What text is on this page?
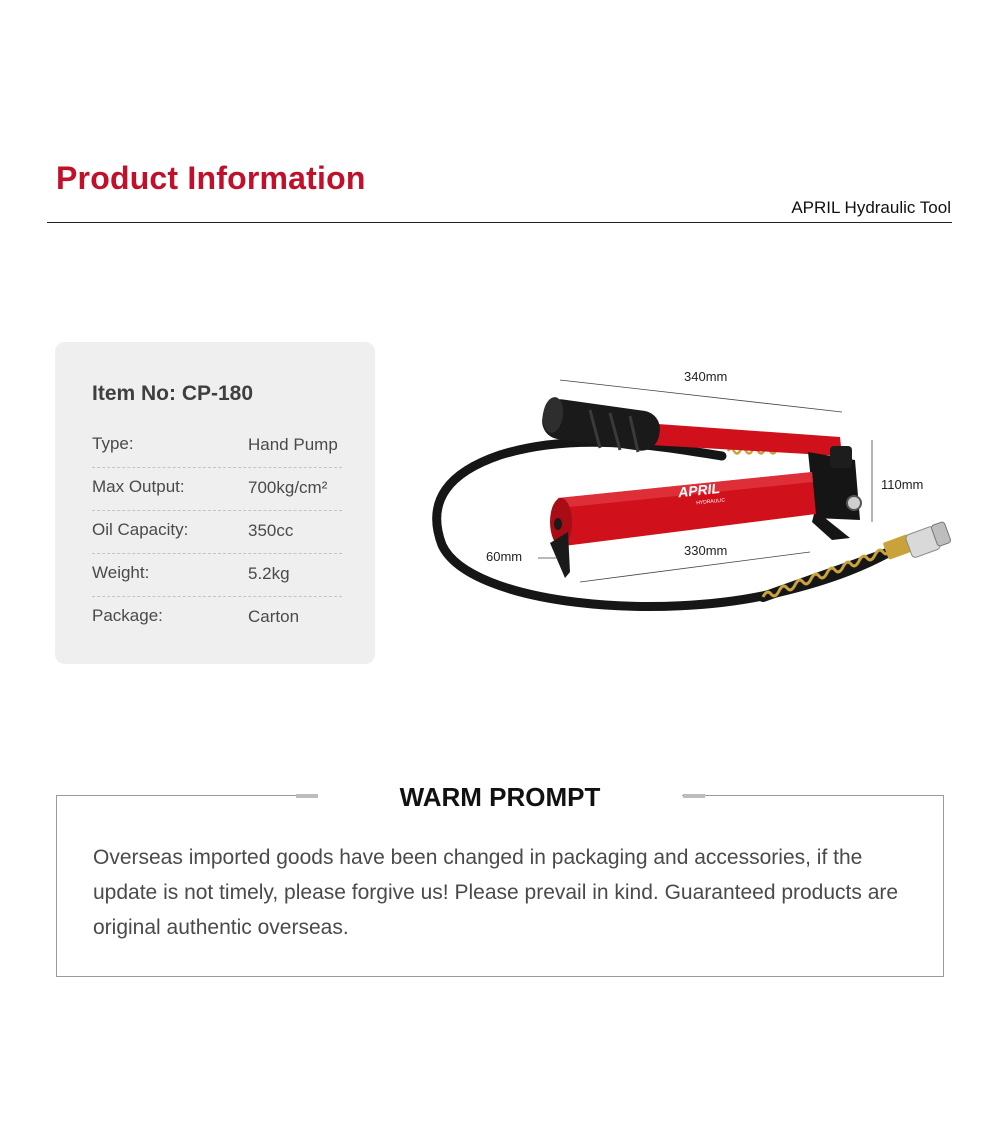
Product Information
APRIL Hydraulic Tool
Item No: CP-180
Type:	Hand Pump
Max Output:	700kg/cm²
Oil Capacity:	350cc
Weight:	5.2kg
Package:	Carton
APRIL
HYDRAULIC
340mm
330mm
110mm
60mm
WARM PROMPT

Overseas imported goods have been changed in packaging and accessories, if the update is not timely, please forgive us! Please prevail in kind. Guaranteed products are original authentic overseas.
